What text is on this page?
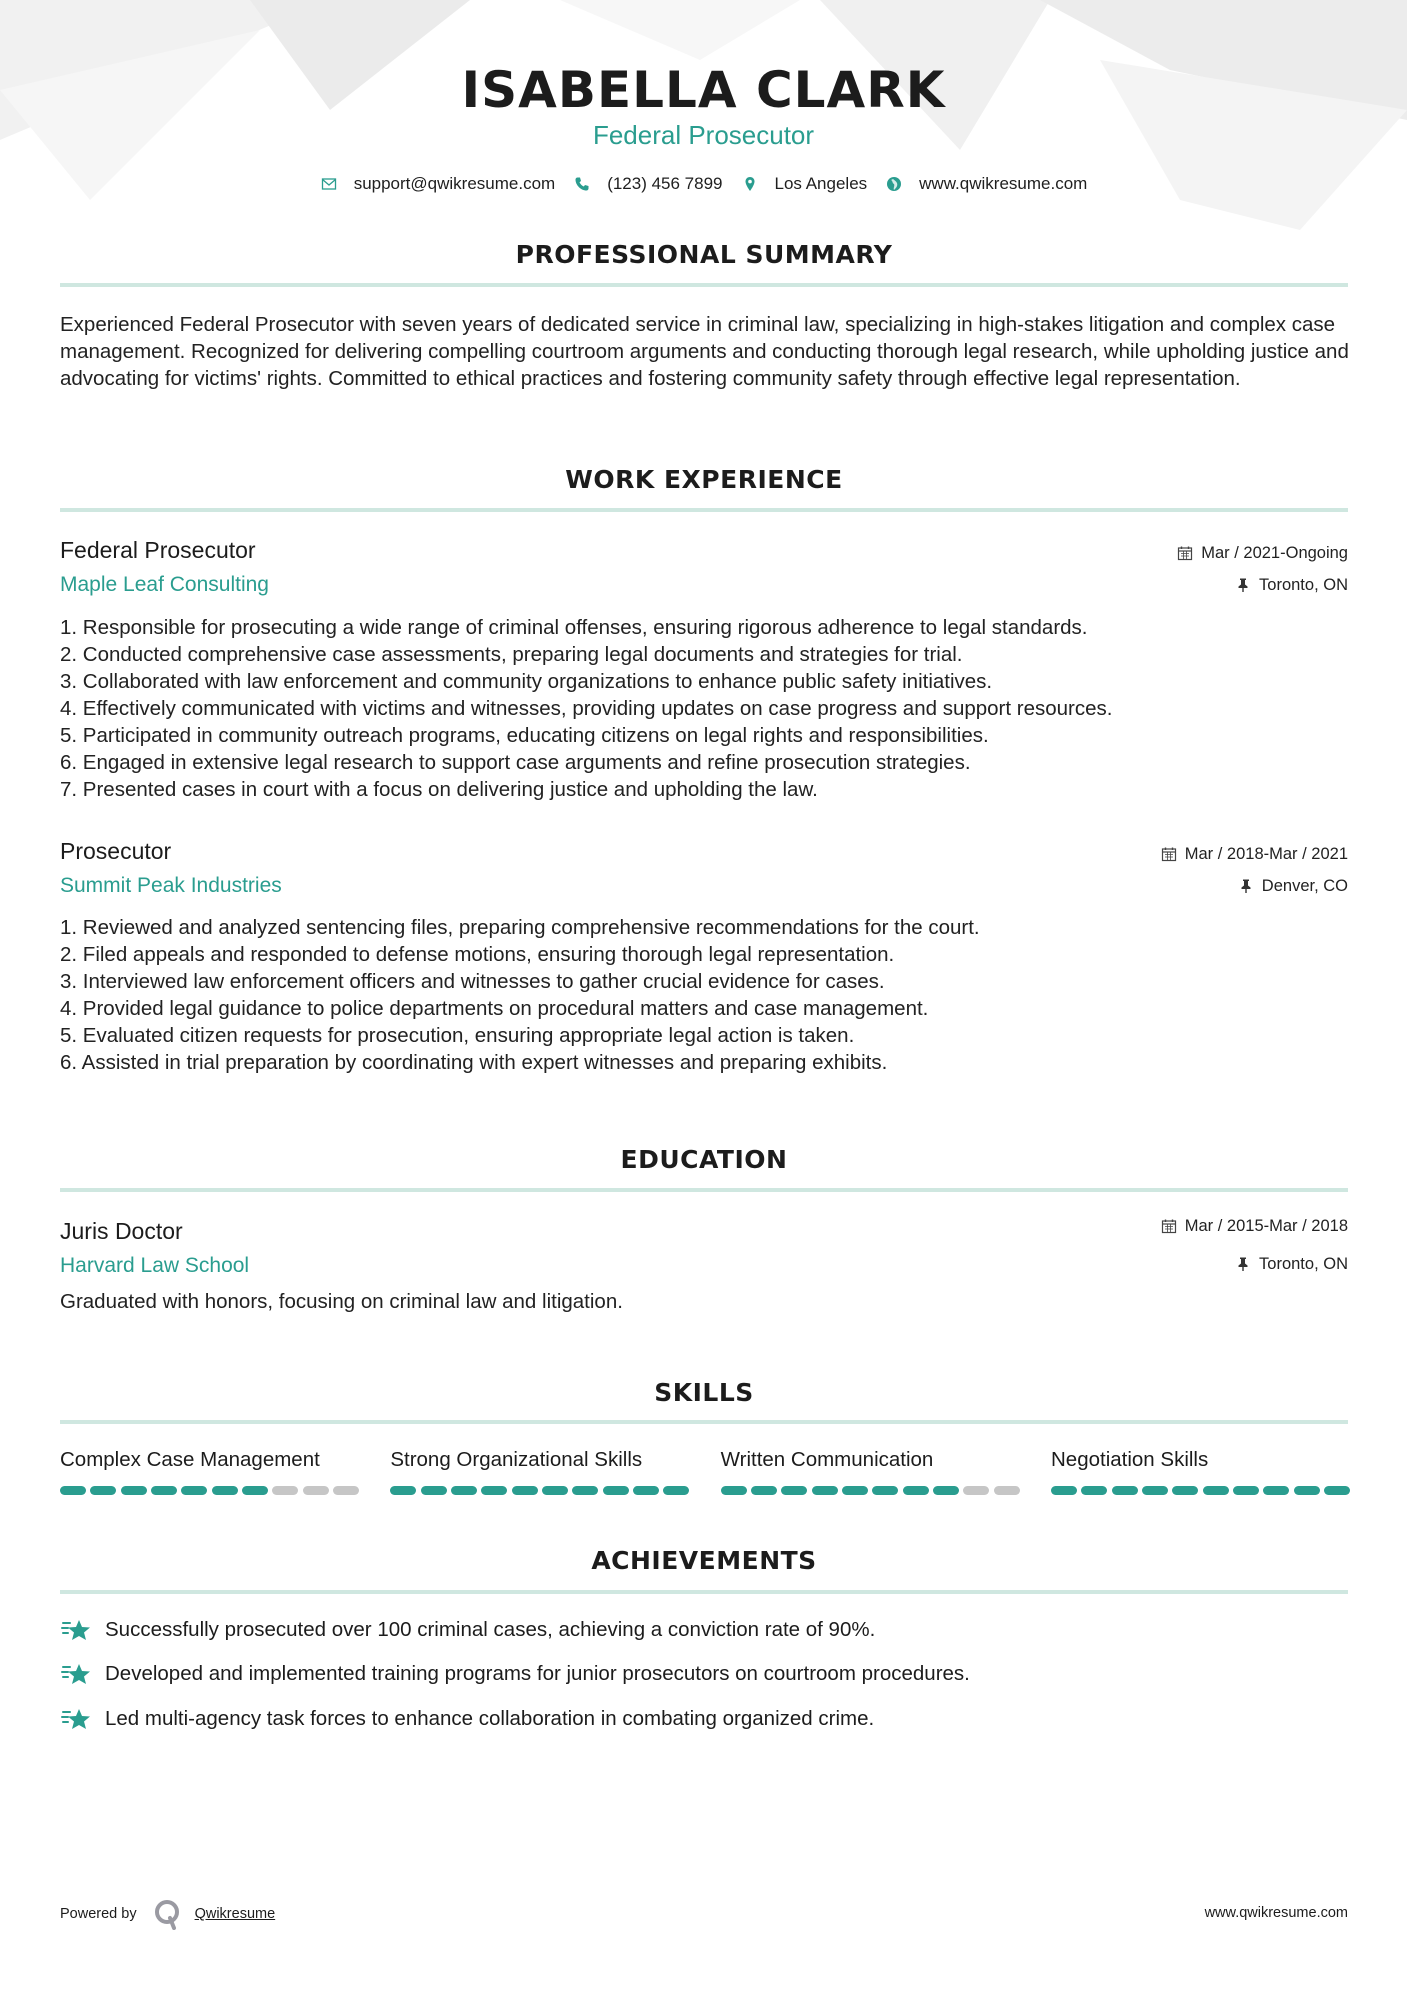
ISABELLA CLARK
Federal Prosecutor
support@qwikresume.com	(123) 456 7899	Los Angeles	www.qwikresume.com
PROFESSIONAL SUMMARY
Experienced Federal Prosecutor with seven years of dedicated service in criminal law, specializing in high-stakes litigation and complex case management. Recognized for delivering compelling courtroom arguments and conducting thorough legal research, while upholding justice and advocating for victims' rights. Committed to ethical practices and fostering community safety through effective legal representation.
WORK EXPERIENCE
Federal Prosecutor
Maple Leaf Consulting
Mar / 2021-Ongoing
Toronto, ON
1. Responsible for prosecuting a wide range of criminal offenses, ensuring rigorous adherence to legal standards.
2. Conducted comprehensive case assessments, preparing legal documents and strategies for trial.
3. Collaborated with law enforcement and community organizations to enhance public safety initiatives.
4. Effectively communicated with victims and witnesses, providing updates on case progress and support resources.
5. Participated in community outreach programs, educating citizens on legal rights and responsibilities.
6. Engaged in extensive legal research to support case arguments and refine prosecution strategies.
7. Presented cases in court with a focus on delivering justice and upholding the law.
Prosecutor
Summit Peak Industries
Mar / 2018-Mar / 2021
Denver, CO
1. Reviewed and analyzed sentencing files, preparing comprehensive recommendations for the court.
2. Filed appeals and responded to defense motions, ensuring thorough legal representation.
3. Interviewed law enforcement officers and witnesses to gather crucial evidence for cases.
4. Provided legal guidance to police departments on procedural matters and case management.
5. Evaluated citizen requests for prosecution, ensuring appropriate legal action is taken.
6. Assisted in trial preparation by coordinating with expert witnesses and preparing exhibits.
EDUCATION
Juris Doctor
Harvard Law School
Mar / 2015-Mar / 2018
Toronto, ON
Graduated with honors, focusing on criminal law and litigation.
SKILLS
Complex Case Management	Strong Organizational Skills	Written Communication	Negotiation Skills
ACHIEVEMENTS
Successfully prosecuted over 100 criminal cases, achieving a conviction rate of 90%.
Developed and implemented training programs for junior prosecutors on courtroom procedures.
Led multi-agency task forces to enhance collaboration in combating organized crime.
Powered by	Qwikresume	www.qwikresume.com
